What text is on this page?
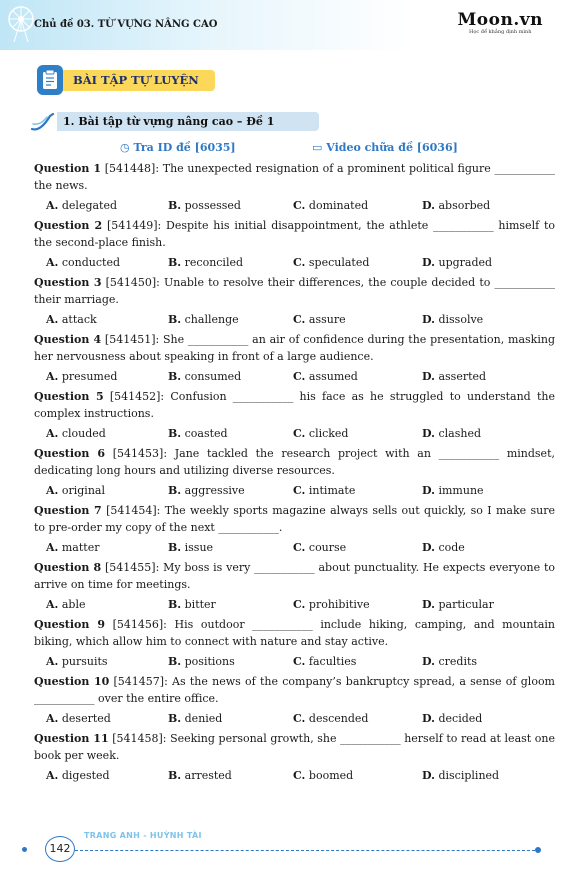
Chủ đề 03. TỪ VỰNG NÂNG CAO	Moon.vn
Học để khẳng định mình
BÀI TẬP TỰ LUYỆN
1. Bài tập từ vựng nâng cao – Đề 1
◷ Tra ID đề [6035]	▭ Video chữa đề [6036]

Question 1 [541448]: The unexpected resignation of a prominent political figure ___________ the news.

A. delegated	B. possessed	C. dominated	D. absorbed

Question 2 [541449]: Despite his initial disappointment, the athlete ___________ himself to the second-place finish.

A. conducted	B. reconciled	C. speculated	D. upgraded

Question 3 [541450]: Unable to resolve their differences, the couple decided to ___________ their marriage.

A. attack	B. challenge	C. assure	D. dissolve

Question 4 [541451]: She ___________ an air of confidence during the presentation, masking her nervousness about speaking in front of a large audience.

A. presumed	B. consumed	C. assumed	D. asserted

Question 5 [541452]: Confusion ___________ his face as he struggled to understand the complex instructions.

A. clouded	B. coasted	C. clicked	D. clashed

Question 6 [541453]: Jane tackled the research project with an ___________ mindset, dedicating long hours and utilizing diverse resources.

A. original	B. aggressive	C. intimate	D. immune

Question 7 [541454]: The weekly sports magazine always sells out quickly, so I make sure to pre-order my copy of the next ___________.

A. matter	B. issue	C. course	D. code

Question 8 [541455]: My boss is very ___________ about punctuality. He expects everyone to arrive on time for meetings.

A. able	B. bitter	C. prohibitive	D. particular

Question 9 [541456]: His outdoor ___________ include hiking, camping, and mountain biking, which allow him to connect with nature and stay active.

A. pursuits	B. positions	C. faculties	D. credits

Question 10 [541457]: As the news of the company’s bankruptcy spread, a sense of gloom ___________ over the entire office.

A. deserted	B. denied	C. descended	D. decided

Question 11 [541458]: Seeking personal growth, she ___________ herself to read at least one book per week.

A. digested	B. arrested	C. boomed	D. disciplined
142
TRANG ANH - HUỲNH TÀI
